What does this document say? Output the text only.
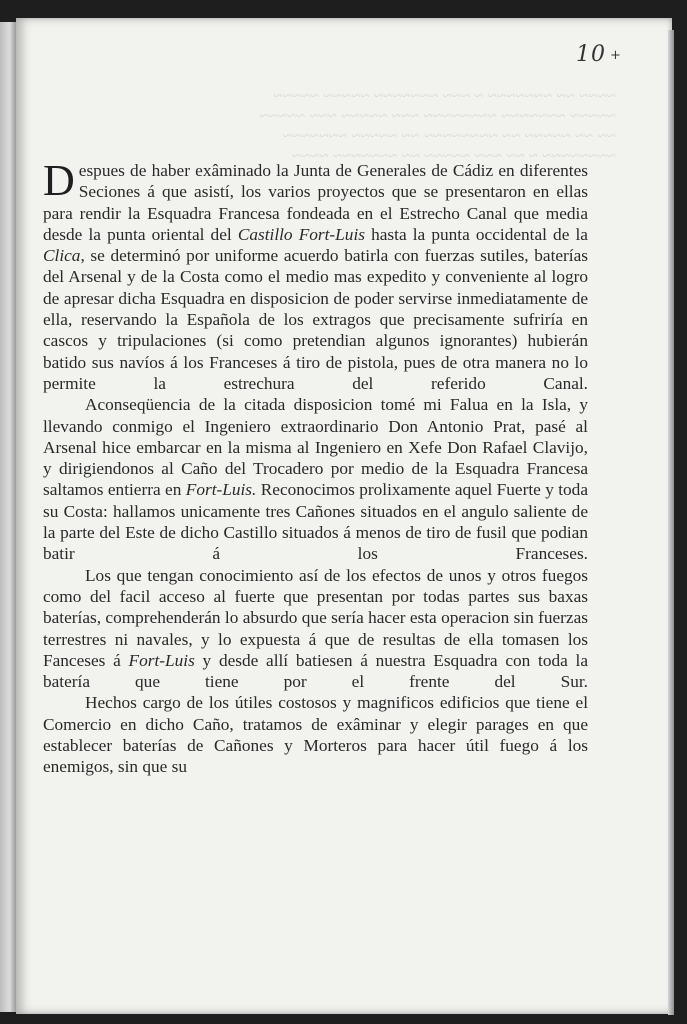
~~~~ ~~ ~~~~~~~ ~ ~~~ ~~~~~~~ ~~~~~ ~~~~~
~~~~~ ~~~~~~~ ~~~~~~~~ ~~~ ~~~~~ ~~~ ~~~~~
~~ ~~ ~~~~~ ~~ ~~~~~~~~ ~~ ~~~~~ ~~~~~~~
~~~~~~~~ ~ ~~ ~~~ ~~~~~ ~~ ~~~~~~~ ~~~~
10 +

Despues de haber exâminado la Junta de Generales de Cádiz en diferentes Seciones á que asistí, los varios proyectos que se presentaron en ellas para rendir la Esquadra Francesa fondeada en el Estrecho Canal que media desde la punta oriental del Castillo Fort-Luis hasta la punta occidental de la Clica, se determinó por uniforme acuerdo batirla con fuerzas sutiles, baterías del Arsenal y de la Costa como el medio mas expedito y conveniente al logro de apresar dicha Esquadra en disposicion de poder servirse inmediatamente de ella, reservando la Española de los extragos que precisamente sufriría en cascos y tripulaciones (si como pretendian algunos ignorantes) hubierán batido sus navíos á los Franceses á tiro de pistola, pues de otra manera no lo permite la estrechura del referido Canal.

Aconseqüencia de la citada disposicion tomé mi Falua en la Isla, y llevando conmigo el Ingeniero extraordinario Don Antonio Prat, pasé al Arsenal hice embarcar en la misma al Ingeniero en Xefe Don Rafael Clavijo, y dirigiendonos al Caño del Trocadero por medio de la Esquadra Francesa saltamos entierra en Fort-Luis. Reconocimos prolixamente aquel Fuerte y toda su Costa: hallamos unicamente tres Cañones situados en el angulo saliente de la parte del Este de dicho Castillo situados á menos de tiro de fusil que podian batir á los Franceses.

Los que tengan conocimiento así de los efectos de unos y otros fuegos como del facil acceso al fuerte que presentan por todas partes sus baxas baterías, comprehenderán lo absurdo que sería hacer esta operacion sin fuerzas terrestres ni navales, y lo expuesta á que de resultas de ella tomasen los Fanceses á Fort-Luis y desde allí batiesen á nuestra Esquadra con toda la batería que tiene por el frente del Sur.

Hechos cargo de los útiles costosos y magnificos edificios que tiene el Comercio en dicho Caño, tratamos de exâminar y elegir parages en que establecer baterías de Cañones y Morteros para hacer útil fuego á los enemigos, sin que su
